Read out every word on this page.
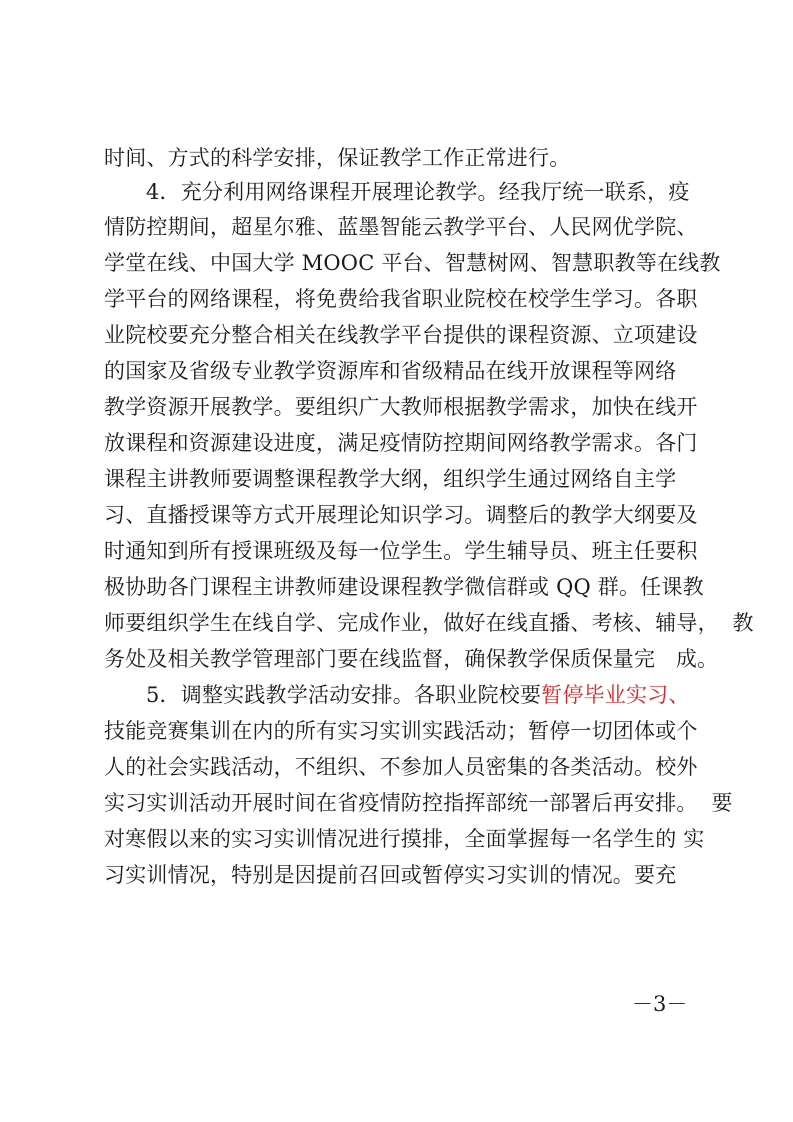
时间、方式的科学安排，保证教学工作正常进行。
4．充分利用网络课程开展理论教学。经我厅统一联系，疫
情防控期间，超星尔雅、蓝墨智能云教学平台、人民网优学院、
学堂在线、中国大学 MOOC 平台、智慧树网、智慧职教等在线教
学平台的网络课程，将免费给我省职业院校在校学生学习。各职
业院校要充分整合相关在线教学平台提供的课程资源、立项建设
的国家及省级专业教学资源库和省级精品在线开放课程等网络
教学资源开展教学。要组织广大教师根据教学需求，加快在线开
放课程和资源建设进度，满足疫情防控期间网络教学需求。各门
课程主讲教师要调整课程教学大纲，组织学生通过网络自主学
习、直播授课等方式开展理论知识学习。调整后的教学大纲要及
时通知到所有授课班级及每一位学生。学生辅导员、班主任要积
极协助各门课程主讲教师建设课程教学微信群或 QQ 群。任课教
师要组织学生在线自学、完成作业，做好在线直播、考核、辅导，  教
务处及相关教学管理部门要在线监督，确保教学保质保量完   成。
5．调整实践教学活动安排。各职业院校要暂停毕业实习、
技能竞赛集训在内的所有实习实训实践活动；暂停一切团体或个
人的社会实践活动，不组织、不参加人员密集的各类活动。校外
实习实训活动开展时间在省疫情防控指挥部统一部署后再安排。  要
对寒假以来的实习实训情况进行摸排，全面掌握每一名学生的 实
习实训情况，特别是因提前召回或暂停实习实训的情况。要充
－3－
